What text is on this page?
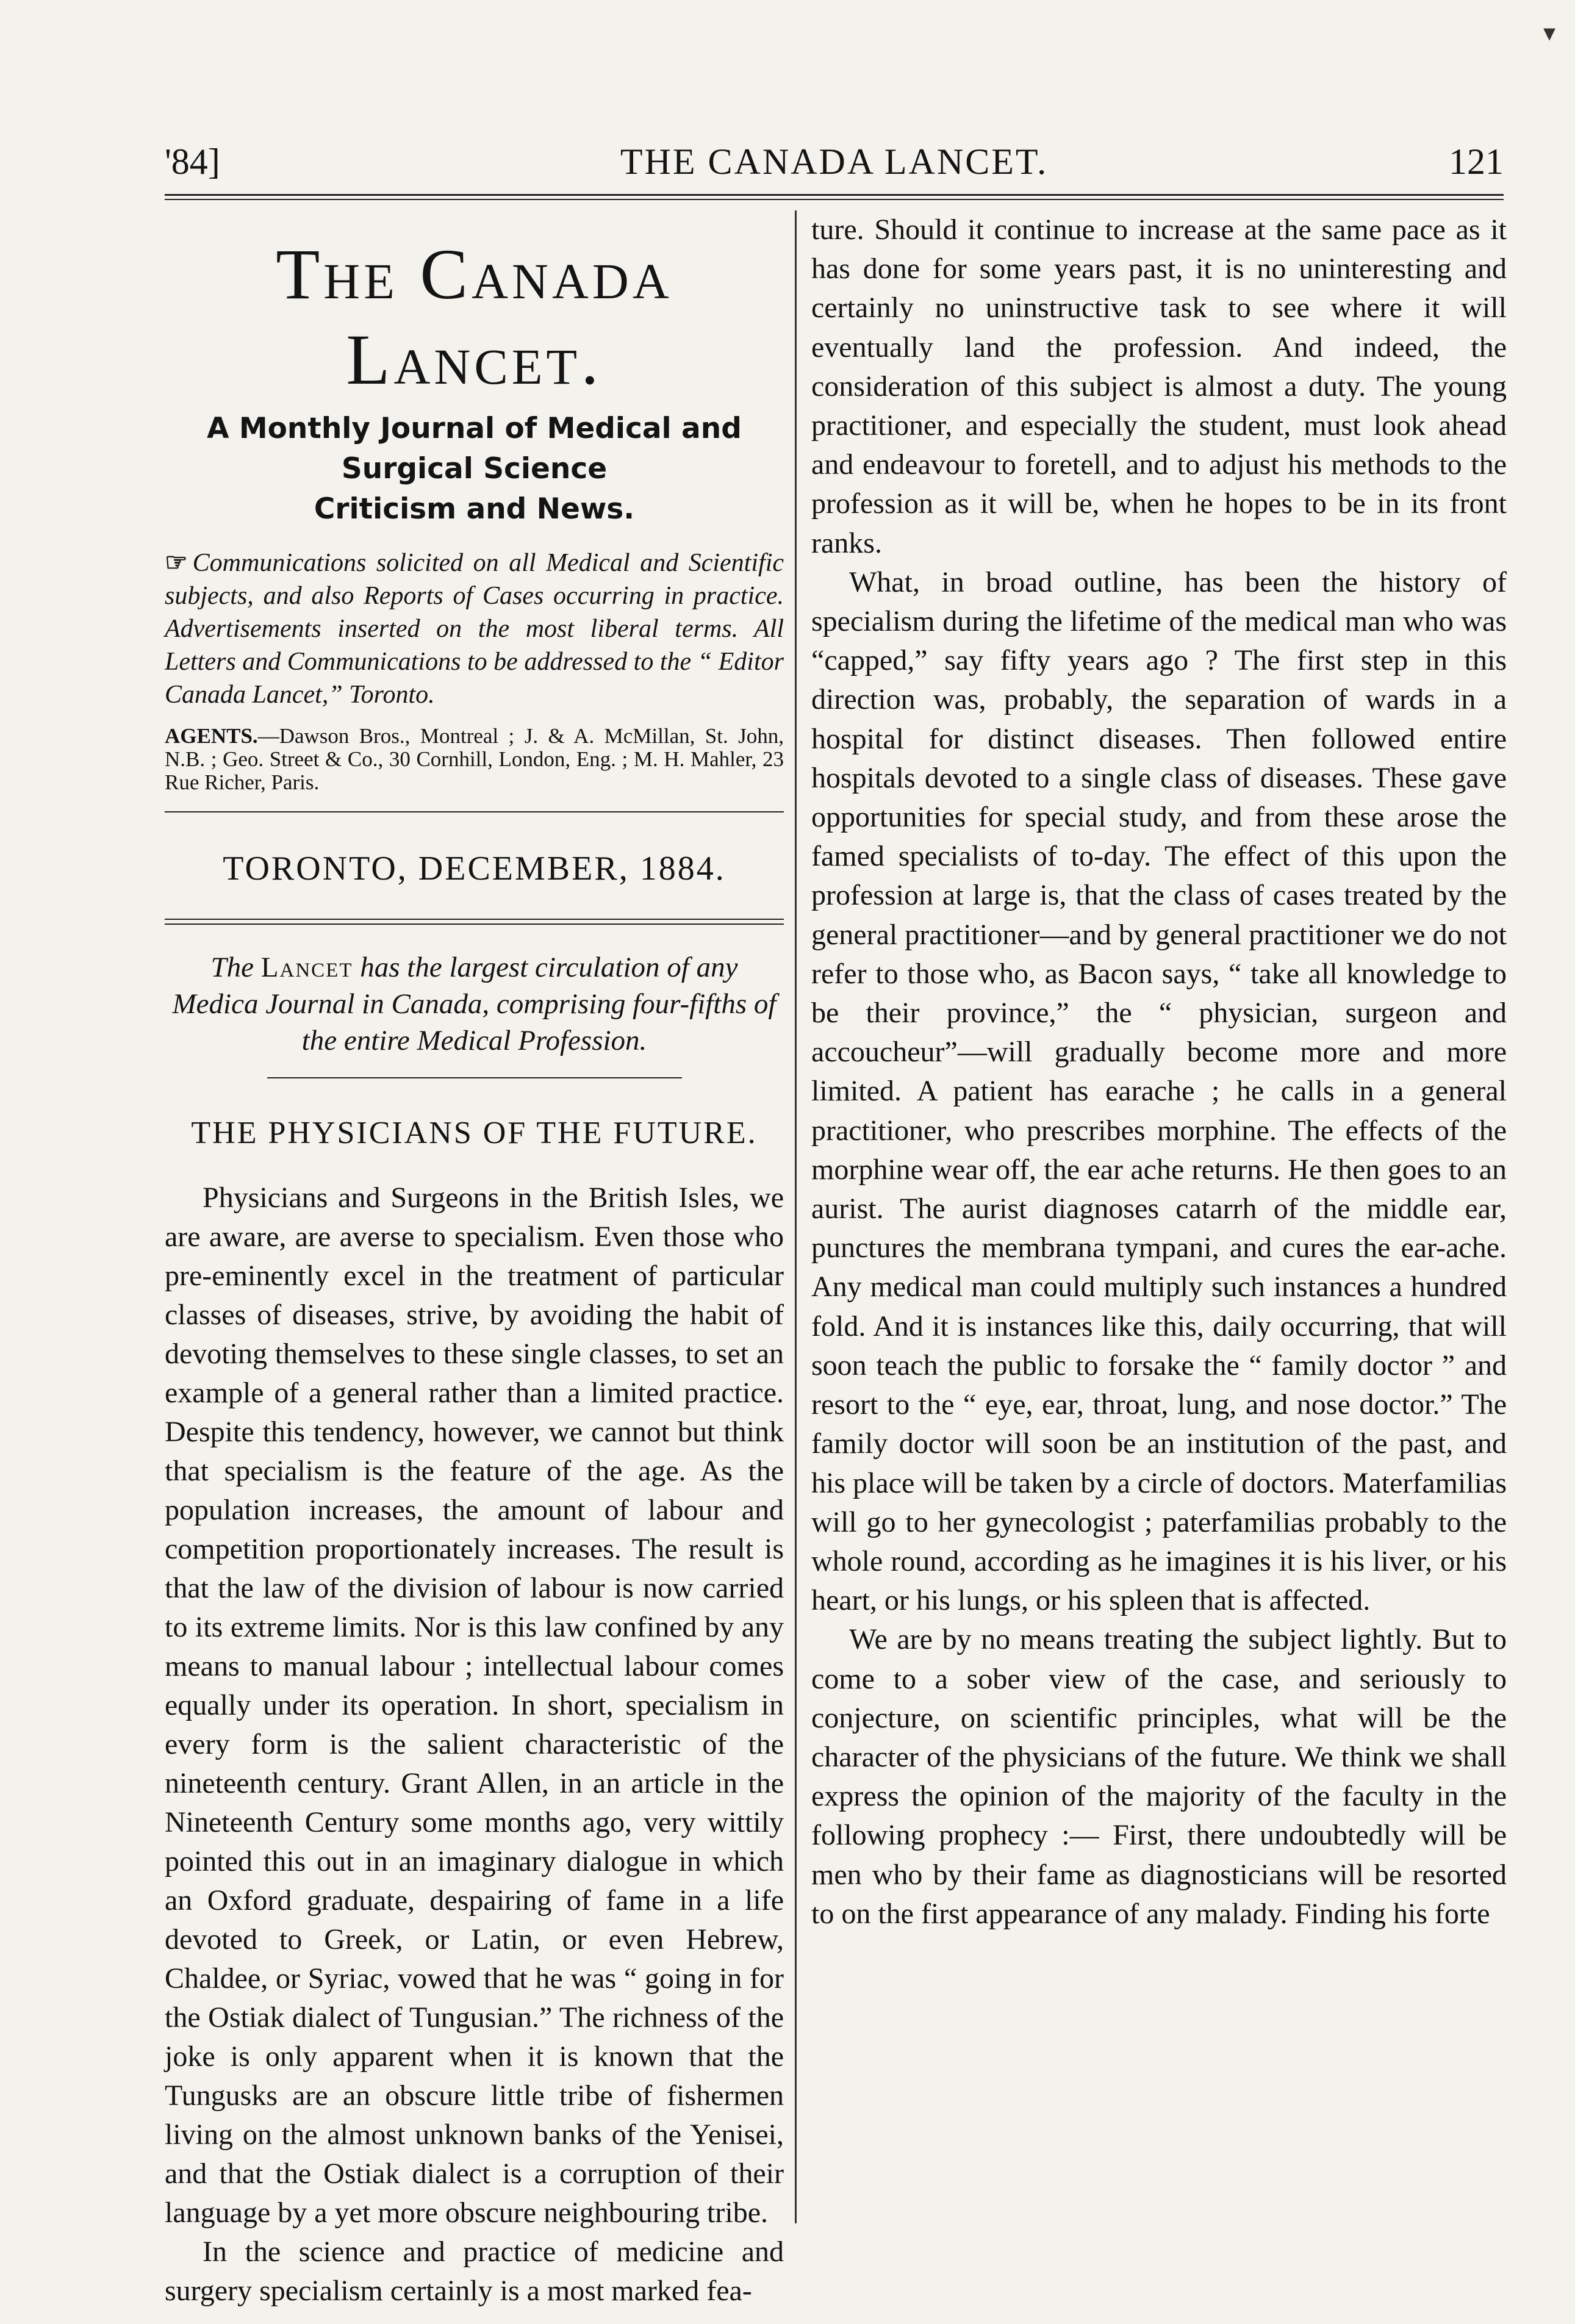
▾
'84]	THE CANADA LANCET.	121
The Canada Lancet.

A Monthly Journal of Medical and Surgical Science

Criticism and News.

☞ Communications solicited on all Medical and Scientific subjects, and also Reports of Cases occurring in practice. Advertisements inserted on the most liberal terms. All Letters and Communications to be addressed to the “ Editor Canada Lancet,” Toronto.

AGENTS.—Dawson Bros., Montreal ; J. & A. McMillan, St. John, N.B. ; Geo. Street & Co., 30 Cornhill, London, Eng. ; M. H. Mahler, 23 Rue Richer, Paris.

TORONTO, DECEMBER, 1884.

The Lancet has the largest circulation of any Medica Journal in Canada, comprising four-fifths of the entire Medical Profession.

THE PHYSICIANS OF THE FUTURE.

Physicians and Surgeons in the British Isles, we are aware, are averse to specialism. Even those who pre-eminently excel in the treatment of particular classes of diseases, strive, by avoiding the habit of devoting themselves to these single classes, to set an example of a general rather than a limited practice. Despite this tendency, however, we cannot but think that specialism is the feature of the age. As the population increases, the amount of labour and competition proportionately increases. The result is that the law of the division of labour is now carried to its extreme limits. Nor is this law confined by any means to manual labour ; intellectual labour comes equally under its operation. In short, specialism in every form is the salient characteristic of the nineteenth century. Grant Allen, in an article in the Nineteenth Century some months ago, very wittily pointed this out in an imaginary dialogue in which an Oxford graduate, despairing of fame in a life devoted to Greek, or Latin, or even Hebrew, Chaldee, or Syriac, vowed that he was “ going in for the Ostiak dialect of Tungusian.” The richness of the joke is only apparent when it is known that the Tungusks are an obscure little tribe of fishermen living on the almost unknown banks of the Yenisei, and that the Ostiak dialect is a corruption of their language by a yet more obscure neighbouring tribe.

In the science and practice of medicine and surgery specialism certainly is a most marked fea-

ture. Should it continue to increase at the same pace as it has done for some years past, it is no uninteresting and certainly no uninstructive task to see where it will eventually land the profession. And indeed, the consideration of this subject is almost a duty. The young practitioner, and especially the student, must look ahead and endeavour to foretell, and to adjust his methods to the profession as it will be, when he hopes to be in its front ranks.

What, in broad outline, has been the history of specialism during the lifetime of the medical man who was “capped,” say fifty years ago ? The first step in this direction was, probably, the separation of wards in a hospital for distinct diseases. Then followed entire hospitals devoted to a single class of diseases. These gave opportunities for special study, and from these arose the famed specialists of to-day. The effect of this upon the profession at large is, that the class of cases treated by the general practitioner—and by general practitioner we do not refer to those who, as Bacon says, “ take all knowledge to be their province,” the “ physician, surgeon and accoucheur”—will gradually become more and more limited. A patient has earache ; he calls in a general practitioner, who prescribes morphine. The effects of the morphine wear off, the ear ache returns. He then goes to an aurist. The aurist diagnoses catarrh of the middle ear, punctures the membrana tympani, and cures the ear-ache. Any medical man could multiply such instances a hundred fold. And it is instances like this, daily occurring, that will soon teach the public to forsake the “ family doctor ” and resort to the “ eye, ear, throat, lung, and nose doctor.” The family doctor will soon be an institution of the past, and his place will be taken by a circle of doctors. Materfamilias will go to her gynecologist ; paterfamilias probably to the whole round, according as he imagines it is his liver, or his heart, or his lungs, or his spleen that is affected.

We are by no means treating the subject lightly. But to come to a sober view of the case, and seriously to conjecture, on scientific principles, what will be the character of the physicians of the future. We think we shall express the opinion of the majority of the faculty in the following prophecy :— First, there undoubtedly will be men who by their fame as diagnosticians will be resorted to on the first appearance of any malady. Finding his forte
